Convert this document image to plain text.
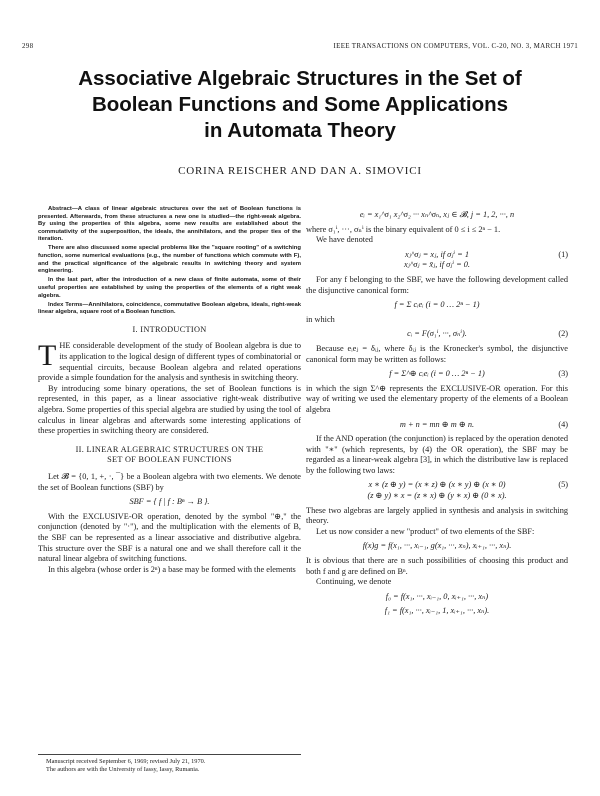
298	IEEE TRANSACTIONS ON COMPUTERS, VOL. C-20, NO. 3, MARCH 1971
Associative Algebraic Structures in the Set of
Boolean Functions and Some Applications
in Automata Theory
CORINA REISCHER AND DAN A. SIMOVICI

Abstract—A class of linear algebraic structures over the set of Boolean functions is presented. Afterwards, from these structures a new one is studied—the right-weak algebra. By using the properties of this algebra, some new results are established about the commutativity of the superposition, the ideals, the annihilators, and the proper ties of the iteration.

There are also discussed some special problems like the "square rooting" of a switching function, some numerical evaluations (e.g., the number of functions which commute with F), and the practical significance of the algebraic results in switching theory and system engineering.

In the last part, after the introduction of a new class of finite automata, some of their useful properties are established by using the properties of the elements of a right weak algebra.

Index Terms—Annihilators, coincidence, commutative Boolean algebra, ideals, right-weak linear algebra, square root of a Boolean function.

I. INTRODUCTION

THE considerable development of the study of Boolean algebra is due to its application to the logical design of different types of combinatorial or sequential circuits, because Boolean algebra and related operations provide a simple foundation for the analysis and synthesis in switching theory.

By introducing some binary operations, the set of Boolean functions is represented, in this paper, as a linear associative right-weak distributive algebra. Some properties of this special algebra are studied by using the tool of calculus in linear algebras and afterwards some interesting applications of these properties in switching theory are considered.

II. LINEAR ALGEBRAIC STRUCTURES ON THE
SET OF BOOLEAN FUNCTIONS

Let 𝓑 = {0, 1, +, ·, ¯} be a Boolean algebra with two elements. We denote the set of Boolean functions (SBF) by

SBF = { f | f : Bⁿ → B }.

With the EXCLUSIVE-OR operation, denoted by the symbol "⊕," the conjunction (denoted by "·"), and the multiplication with the elements of B, the SBF can be represented as a linear associative and distributive algebra. This structure over the SBF is a natural one and we shall therefore call it the natural linear algebra of switching functions.

In this algebra (whose order is 2ⁿ) a base may be formed with the elements

eᵢ = x₁^σ₁ x₂^σ₂ ··· xₙ^σₙ, xⱼ ∈ 𝓑, j = 1, 2, ···, n

where σ₁ⁱ, ···, σₙⁱ is the binary equivalent of 0 ≤ i ≤ 2ⁿ − 1.

We have denoted

xⱼ^σⱼ = xⱼ, if σⱼⁱ = 1
xⱼ^σⱼ = x̄ⱼ, if σⱼⁱ = 0.
(1)

For any f belonging to the SBF, we have the following development called the disjunctive canonical form:

f = Σ cᵢeᵢ (i = 0 … 2ⁿ − 1)

in which

cᵢ = F(σ₁ⁱ, ···, σₙⁱ).	(2)

Because eᵢeⱼ = δᵢⱼ, where δᵢⱼ is the Kronecker's symbol, the disjunctive canonical form may be written as follows:

f = Σ^⊕ cᵢeᵢ (i = 0 … 2ⁿ − 1)	(3)

in which the sign Σ^⊕ represents the EXCLUSIVE-OR operation. For this way of writing we used the elementary property of the elements of a Boolean algebra

m + n = mn ⊕ m ⊕ n.	(4)

If the AND operation (the conjunction) is replaced by the operation denoted with "∗" (which represents, by (4) the OR operation), the SBF may be regarded as a linear-weak algebra [3], in which the distributive law is replaced by the following two laws:

x ∗ (z ⊕ y) = (x ∗ z) ⊕ (x ∗ y) ⊕ (x ∗ 0)
(z ⊕ y) ∗ x = (z ∗ x) ⊕ (y ∗ x) ⊕ (0 ∗ x).
(5)

These two algebras are largely applied in synthesis and analysis in switching theory.

Let us now consider a new "product" of two elements of the SBF:

f(x)g = f(x₁, ···, xᵢ₋₁, g(x₁, ···, xₙ), xᵢ₊₁, ···, xₙ).

It is obvious that there are n such possibilities of choosing this product and both f and g are defined on Bⁿ.

Continuing, we denote

f₀ = f(x₁, ···, xᵢ₋₁, 0, xᵢ₊₁, ···, xₙ)
f₁ = f(x₁, ···, xᵢ₋₁, 1, xᵢ₊₁, ···, xₙ).

Manuscript received September 6, 1969; revised July 21, 1970.

The authors are with the University of Iassy, Iassy, Rumania.
